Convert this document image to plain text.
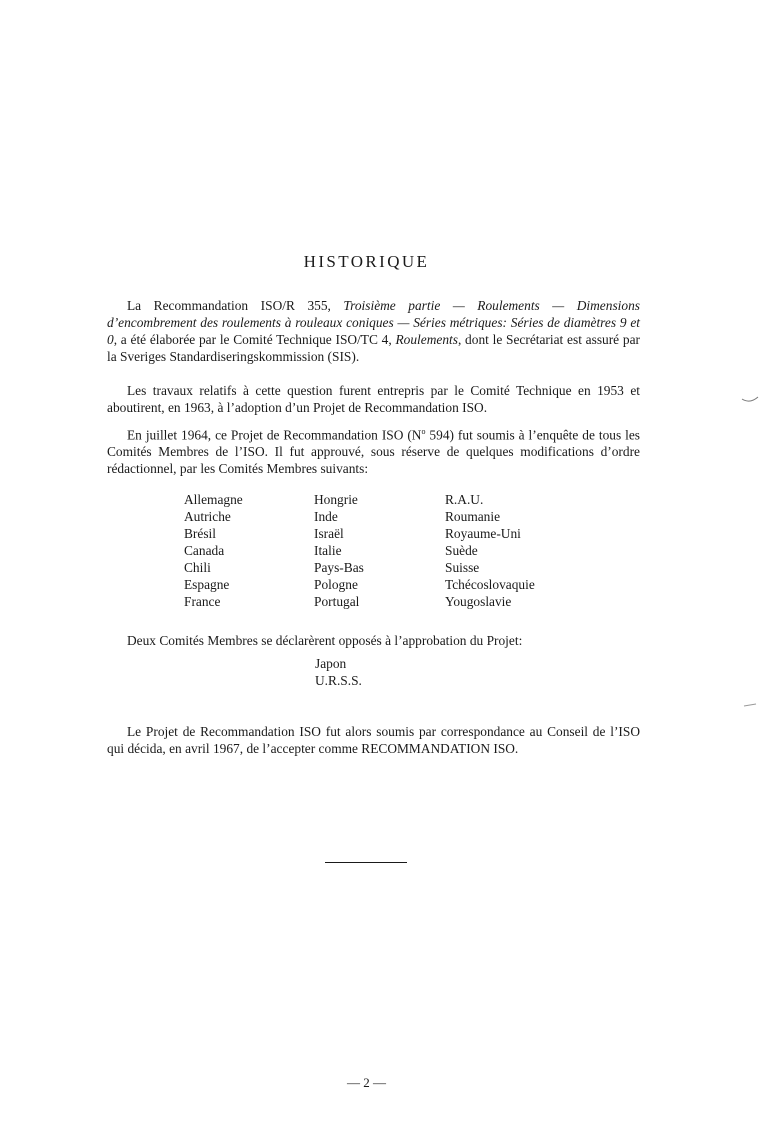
HISTORIQUE

La Recommandation ISO/R 355, Troisième partie — Roulements — Dimensions d’encombrement des roulements à rouleaux coniques — Séries métriques: Séries de diamètres 9 et 0, a été élaborée par le Comité Technique ISO/TC 4, Roulements, dont le Secrétariat est assuré par la Sveriges Standardiseringskommission (SIS).

Les travaux relatifs à cette question furent entrepris par le Comité Technique en 1953 et aboutirent, en 1963, à l’adoption d’un Projet de Recommandation ISO.

En juillet 1964, ce Projet de Recommandation ISO ($N^o$ 594) fut soumis à l’enquête de tous les Comités Membres de l’ISO. Il fut approuvé, sous réserve de quelques modifications d’ordre rédactionnel, par les Comités Membres suivants:

Allemagne
Autriche
Brésil
Canada
Chili
Espagne
France
Hongrie
Inde
Israël
Italie
Pays-Bas
Pologne
Portugal
R.A.U.
Roumanie
Royaume-Uni
Suède
Suisse
Tchécoslovaquie
Yougoslavie

Deux Comités Membres se déclarèrent opposés à l’approbation du Projet:

Japon
U.R.S.S.

Le Projet de Recommandation ISO fut alors soumis par correspondance au Conseil de l’ISO qui décida, en avril 1967, de l’accepter comme RECOMMANDATION ISO.

— 2 —
